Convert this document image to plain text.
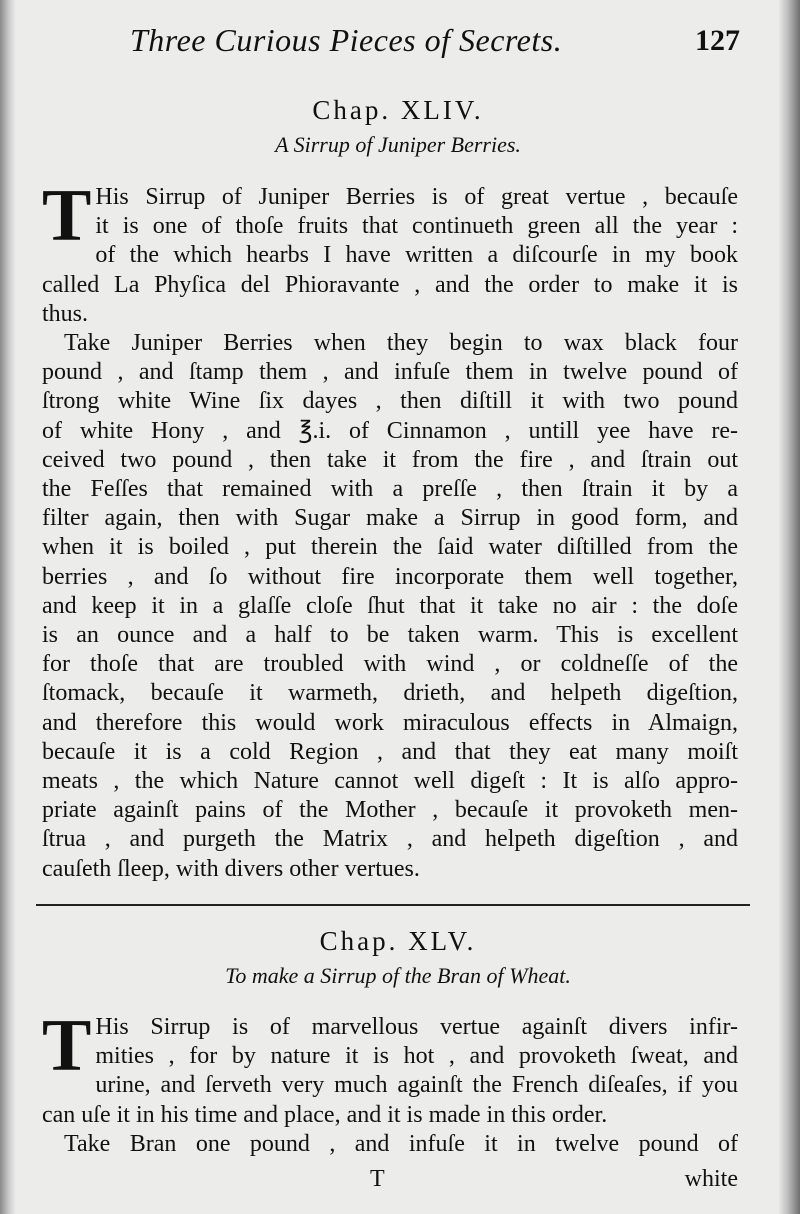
Three Curious Pieces of Secrets.	127
Chap. XLIV.
A Sirrup of Juniper Berries.
T His Sirrup of Juniper Berries is of great vertue , becauſe
it is one of thoſe fruits that continueth green all the year :
of the which hearbs I have written a diſcourſe in my book
called La Phyſica del Phioravante , and the order to make it is
thus.
Take Juniper Berries when they begin to wax black four
pound , and ſtamp them , and infuſe them in twelve pound of
ſtrong white Wine ſix dayes , then diſtill it with two pound
of white Hony , and ℥.i. of Cinnamon , untill yee have re-
ceived two pound , then take it from the fire , and ſtrain out
the Feſſes that remained with a preſſe , then ſtrain it by a
filter again, then with Sugar make a Sirrup in good form, and
when it is boiled , put therein the ſaid water diſtilled from the
berries , and ſo without fire incorporate them well together,
and keep it in a glaſſe cloſe ſhut that it take no air : the doſe
is an ounce and a half to be taken warm. This is excellent
for thoſe that are troubled with wind , or coldneſſe of the
ſtomack, becauſe it warmeth, drieth, and helpeth digeſtion,
and therefore this would work miraculous effects in Almaign,
becauſe it is a cold Region , and that they eat many moiſt
meats , the which Nature cannot well digeſt : It is alſo appro-
priate againſt pains of the Mother , becauſe it provoketh men-
ſtrua , and purgeth the Matrix , and helpeth digeſtion , and
cauſeth ſleep, with divers other vertues.
Chap. XLV.
To make a Sirrup of the Bran of Wheat.
T His Sirrup is of marvellous vertue againſt divers infir-
mities , for by nature it is hot , and provoketh ſweat, and
urine, and ſerveth very much againſt the French diſeaſes, if you
can uſe it in his time and place, and it is made in this order.
Take Bran one pound , and infuſe it in twelve pound of
T	white
